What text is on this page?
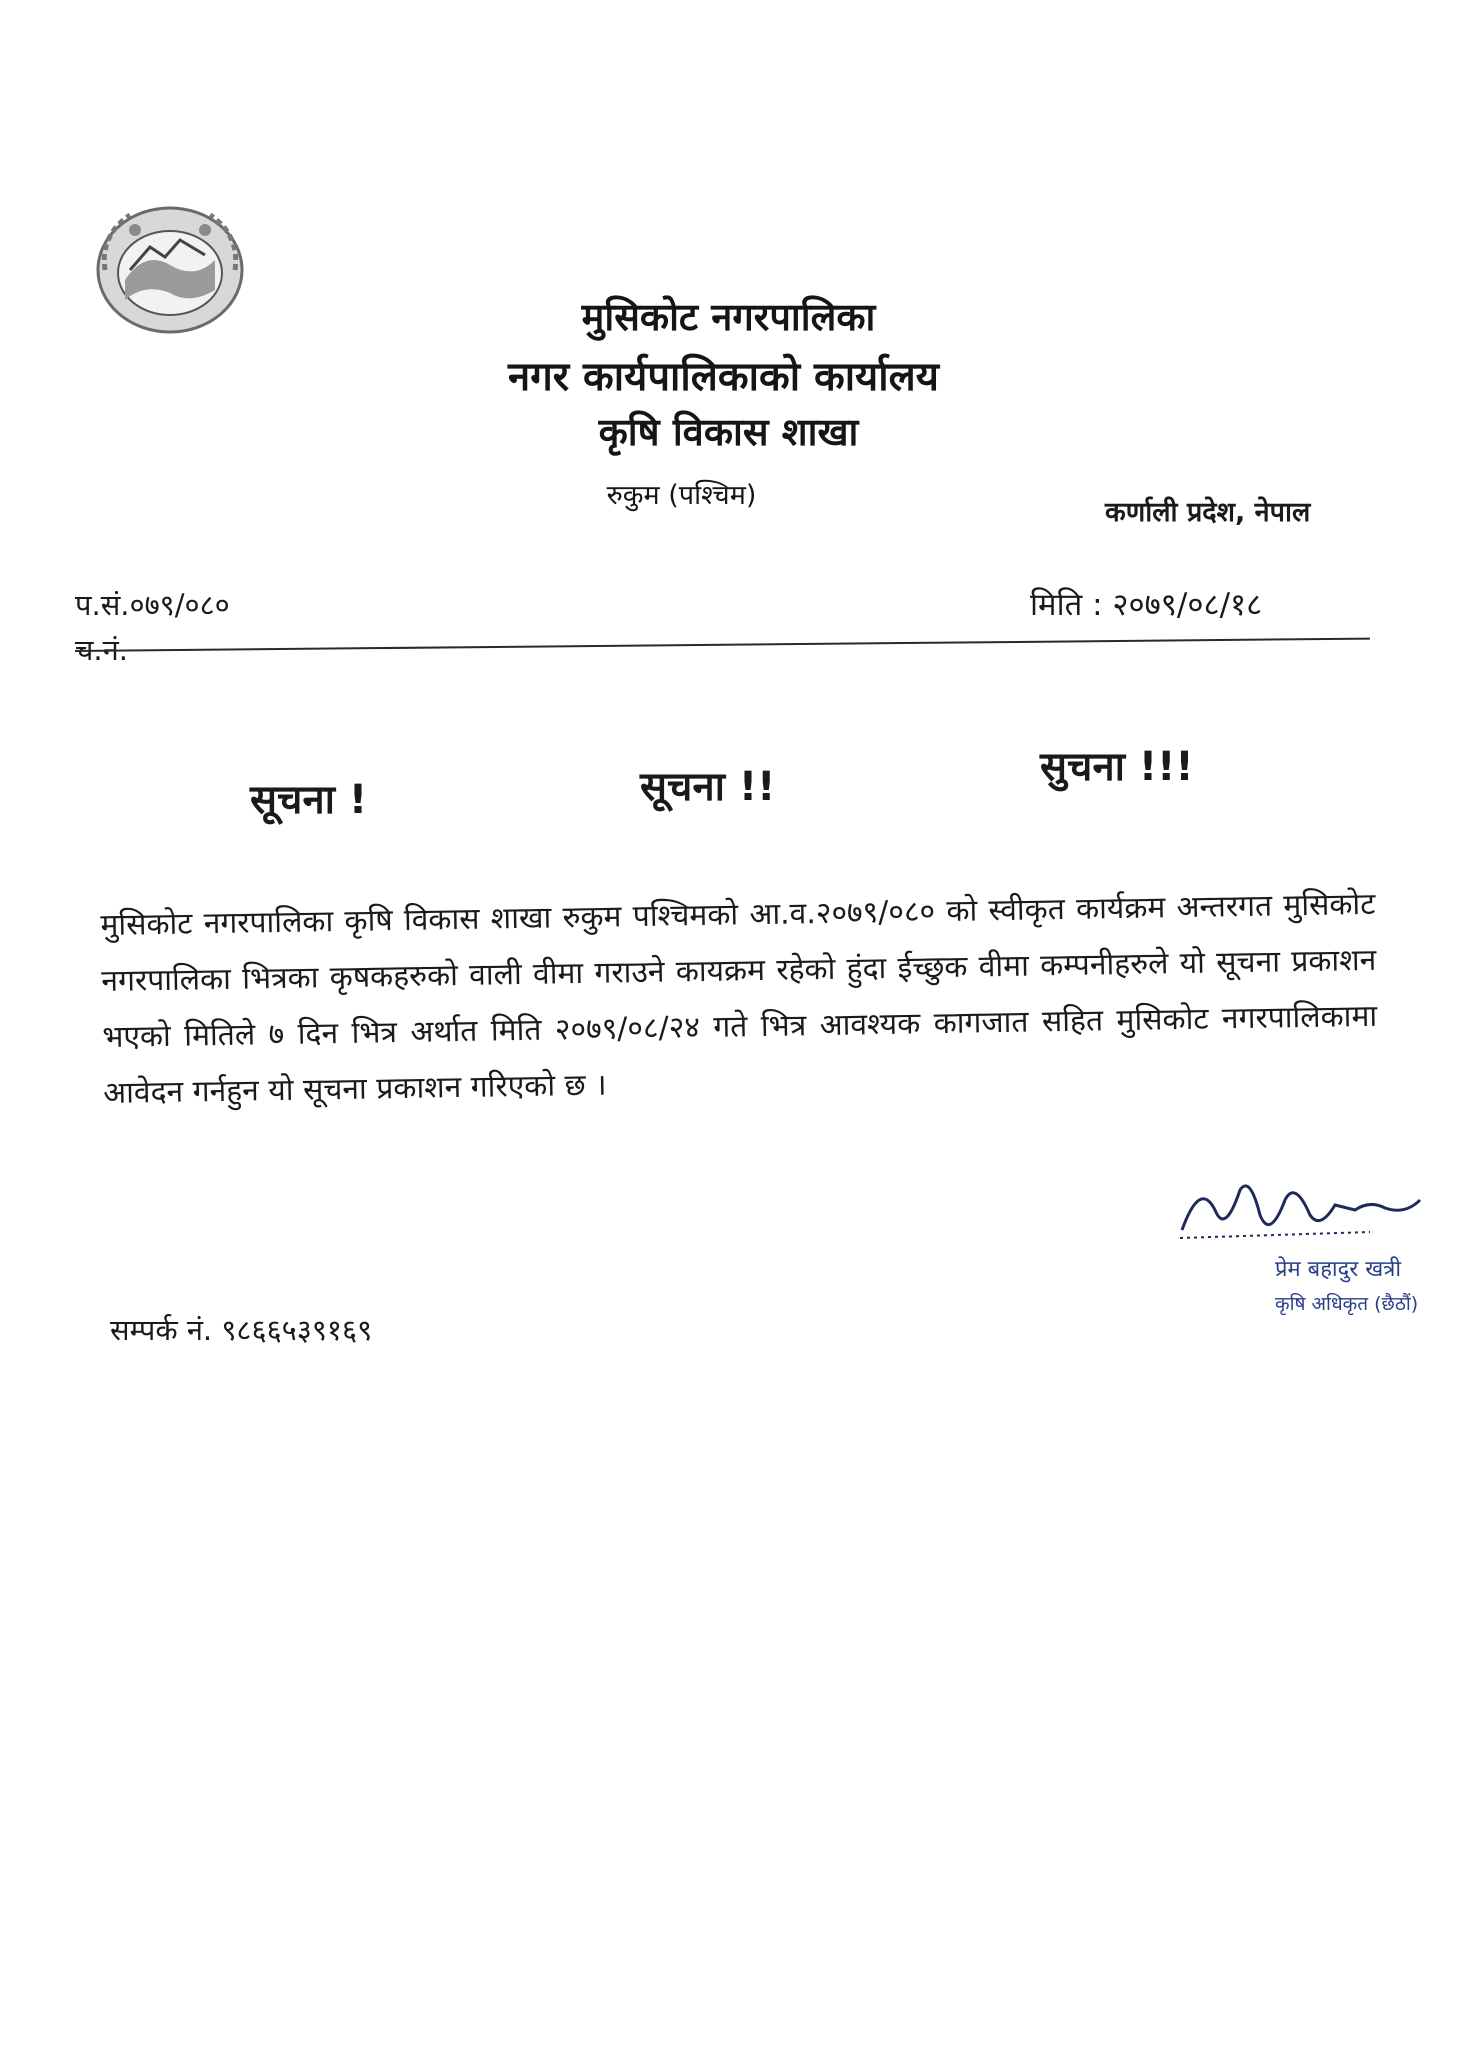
मुसिकोट नगरपालिका
नगर कार्यपालिकाको कार्यालय
कृषि विकास शाखा
रुकुम (पश्चिम)
कर्णाली प्रदेश, नेपाल
प.सं.०७९/०८०
च.नं.
मिति : २०७९/०८/१८
सूचना !	सूचना !!	सुचना !!!
मुसिकोट नगरपालिका कृषि विकास शाखा रुकुम पश्चिमको आ.व.२०७९/०८० को स्वीकृत कार्यक्रम अन्तरगत मुसिकोट नगरपालिका भित्रका कृषकहरुको वाली वीमा गराउने कायक्रम रहेको हुंदा ईच्छुक वीमा कम्पनीहरुले यो सूचना प्रकाशन भएको मितिले ७ दिन भित्र अर्थात मिति २०७९/०८/२४ गते भित्र आवश्यक कागजात सहित मुसिकोट नगरपालिकामा आवेदन गर्नहुन यो सूचना प्रकाशन गरिएको छ ।
प्रेम बहादुर खत्री
कृषि अधिकृत (छैठौं)
सम्पर्क नं. ९८६६५३९१६९
